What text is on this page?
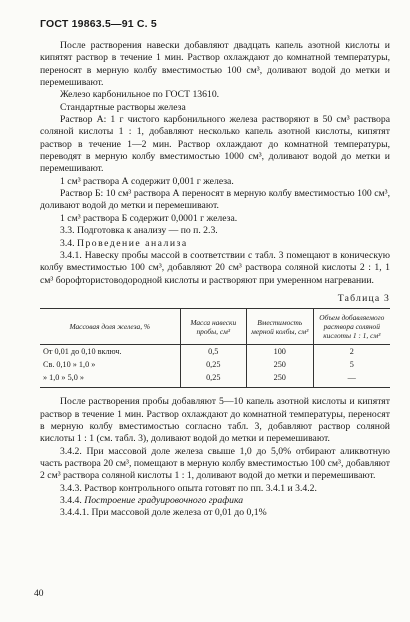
ГОСТ 19863.5—91 С. 5

После растворения навески добавляют двадцать капель азотной кислоты и кипятят раствор в течение 1 мин. Раствор охлаждают до комнатной температуры, переносят в мерную колбу вместимостью 100 см³, доливают водой до метки и перемешивают.

Железо карбонильное по ГОСТ 13610.

Стандартные растворы железа

Раствор А: 1 г чистого карбонильного железа растворяют в 50 см³ раствора соляной кислоты 1 : 1, добавляют несколько капель азотной кислоты, кипятят раствор в течение 1—2 мин. Раствор охлаждают до комнатной температуры, переводят в мерную колбу вместимостью 1000 см³, доливают водой до метки и перемешивают.

1 см³ раствора А содержит 0,001 г железа.

Раствор Б: 10 см³ раствора А переносят в мерную колбу вместимостью 100 см³, доливают водой до метки и перемешивают.

1 см³ раствора Б содержит 0,0001 г железа.

3.3. Подготовка к анализу — по п. 2.3.

3.4. Проведение анализа

3.4.1. Навеску пробы массой в соответствии с табл. 3 помещают в коническую колбу вместимостью 100 см³, добавляют 20 см³ раствора соляной кислоты 2 : 1, 1 см³ борофтористоводородной кислоты и растворяют при умеренном нагревании.

Таблица 3
Массовая доля железа, %	Масса навески пробы, см³	Вместимость мерной колбы, см³	Объем добавляемого раствора соляной кислоты 1 : 1, см³
От 0,01 до 0,10 включ.	0,5	100	2
Св. 0,10 » 1,0 »	0,25	250	5
» 1,0 » 5,0 »	0,25	250	—

После растворения пробы добавляют 5—10 капель азотной кислоты и кипятят раствор в течение 1 мин. Раствор охлаждают до комнатной температуры, переносят в мерную колбу вместимостью согласно табл. 3, добавляют раствор соляной кислоты 1 : 1 (см. табл. 3), доливают водой до метки и перемешивают.

3.4.2. При массовой доле железа свыше 1,0 до 5,0% отбирают аликвотную часть раствора 20 см³, помещают в мерную колбу вместимостью 100 см³, добавляют 2 см³ раствора соляной кислоты 1 : 1, доливают водой до метки и перемешивают.

3.4.3. Раствор контрольного опыта готовят по пп. 3.4.1 и 3.4.2.

3.4.4. Построение градуировочного графика

3.4.4.1. При массовой доле железа от 0,01 до 0,1%

40
